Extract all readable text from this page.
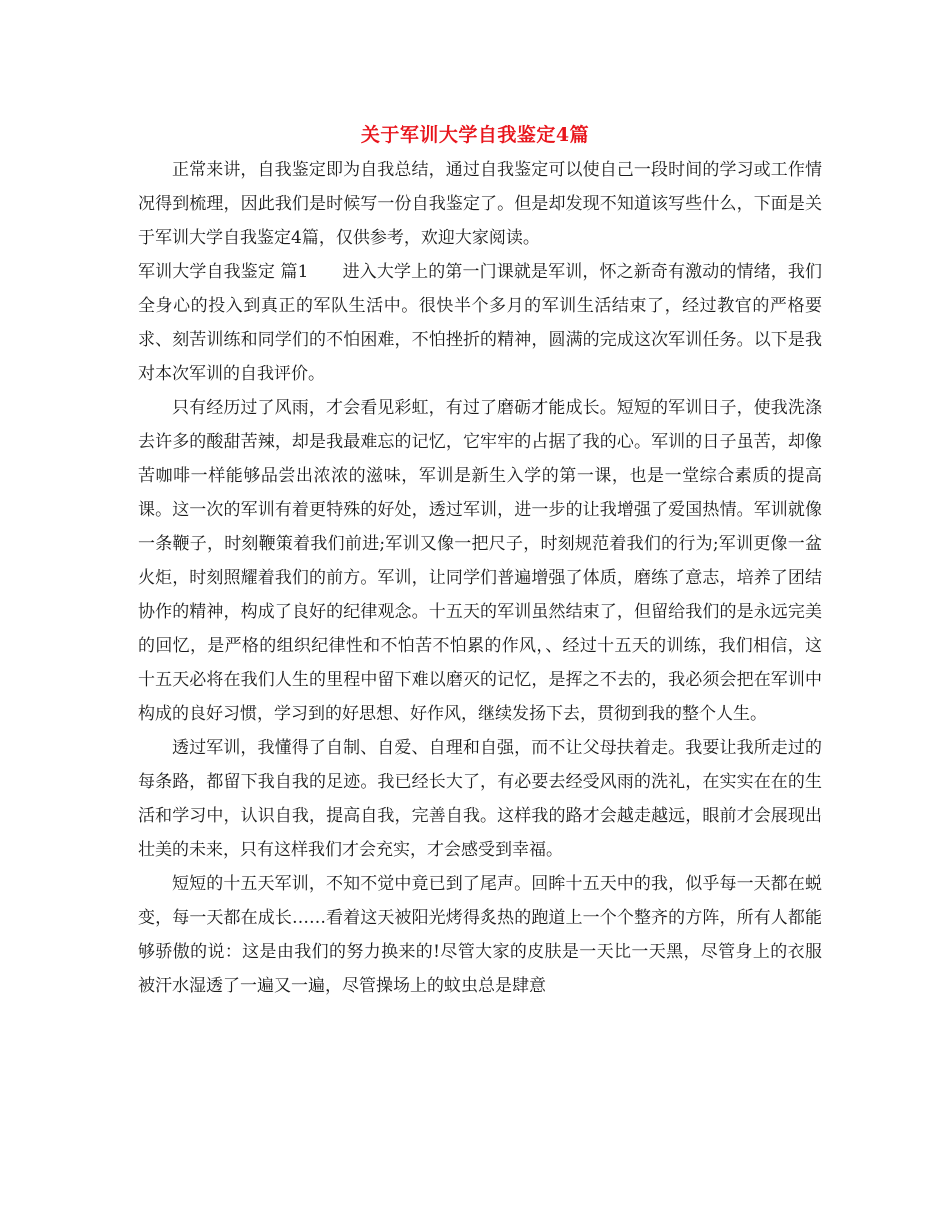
关于军训大学自我鉴定4篇

正常来讲，自我鉴定即为自我总结，通过自我鉴定可以使自己一段时间的学习或工作情况得到梳理，因此我们是时候写一份自我鉴定了。但是却发现不知道该写些什么，下面是关于军训大学自我鉴定4篇，仅供参考，欢迎大家阅读。

军训大学自我鉴定 篇1 进入大学上的第一门课就是军训，怀之新奇有激动的情绪，我们全身心的投入到真正的军队生活中。很快半个多月的军训生活结束了，经过教官的严格要求、刻苦训练和同学们的不怕困难，不怕挫折的精神，圆满的完成这次军训任务。以下是我对本次军训的自我评价。

只有经历过了风雨，才会看见彩虹，有过了磨砺才能成长。短短的军训日子，使我洗涤去许多的酸甜苦辣，却是我最难忘的记忆，它牢牢的占据了我的心。军训的日子虽苦，却像苦咖啡一样能够品尝出浓浓的滋味，军训是新生入学的第一课，也是一堂综合素质的提高课。这一次的军训有着更特殊的好处，透过军训，进一步的让我增强了爱国热情。军训就像一条鞭子，时刻鞭策着我们前进;军训又像一把尺子，时刻规范着我们的行为;军训更像一盆火炬，时刻照耀着我们的前方。军训，让同学们普遍增强了体质，磨练了意志，培养了团结协作的精神，构成了良好的纪律观念。十五天的军训虽然结束了，但留给我们的是永远完美的回忆，是严格的组织纪律性和不怕苦不怕累的作风，、经过十五天的训练，我们相信，这十五天必将在我们人生的里程中留下难以磨灭的记忆，是挥之不去的，我必须会把在军训中构成的良好习惯，学习到的好思想、好作风，继续发扬下去，贯彻到我的整个人生。

透过军训，我懂得了自制、自爱、自理和自强，而不让父母扶着走。我要让我所走过的每条路，都留下我自我的足迹。我已经长大了，有必要去经受风雨的洗礼，在实实在在的生活和学习中，认识自我，提高自我，完善自我。这样我的路才会越走越远，眼前才会展现出壮美的未来，只有这样我们才会充实，才会感受到幸福。

短短的十五天军训，不知不觉中竟已到了尾声。回眸十五天中的我，似乎每一天都在蜕变，每一天都在成长……看着这天被阳光烤得炙热的跑道上一个个整齐的方阵，所有人都能够骄傲的说：这是由我们的努力换来的!尽管大家的皮肤是一天比一天黑，尽管身上的衣服被汗水湿透了一遍又一遍，尽管操场上的蚊虫总是肆意
